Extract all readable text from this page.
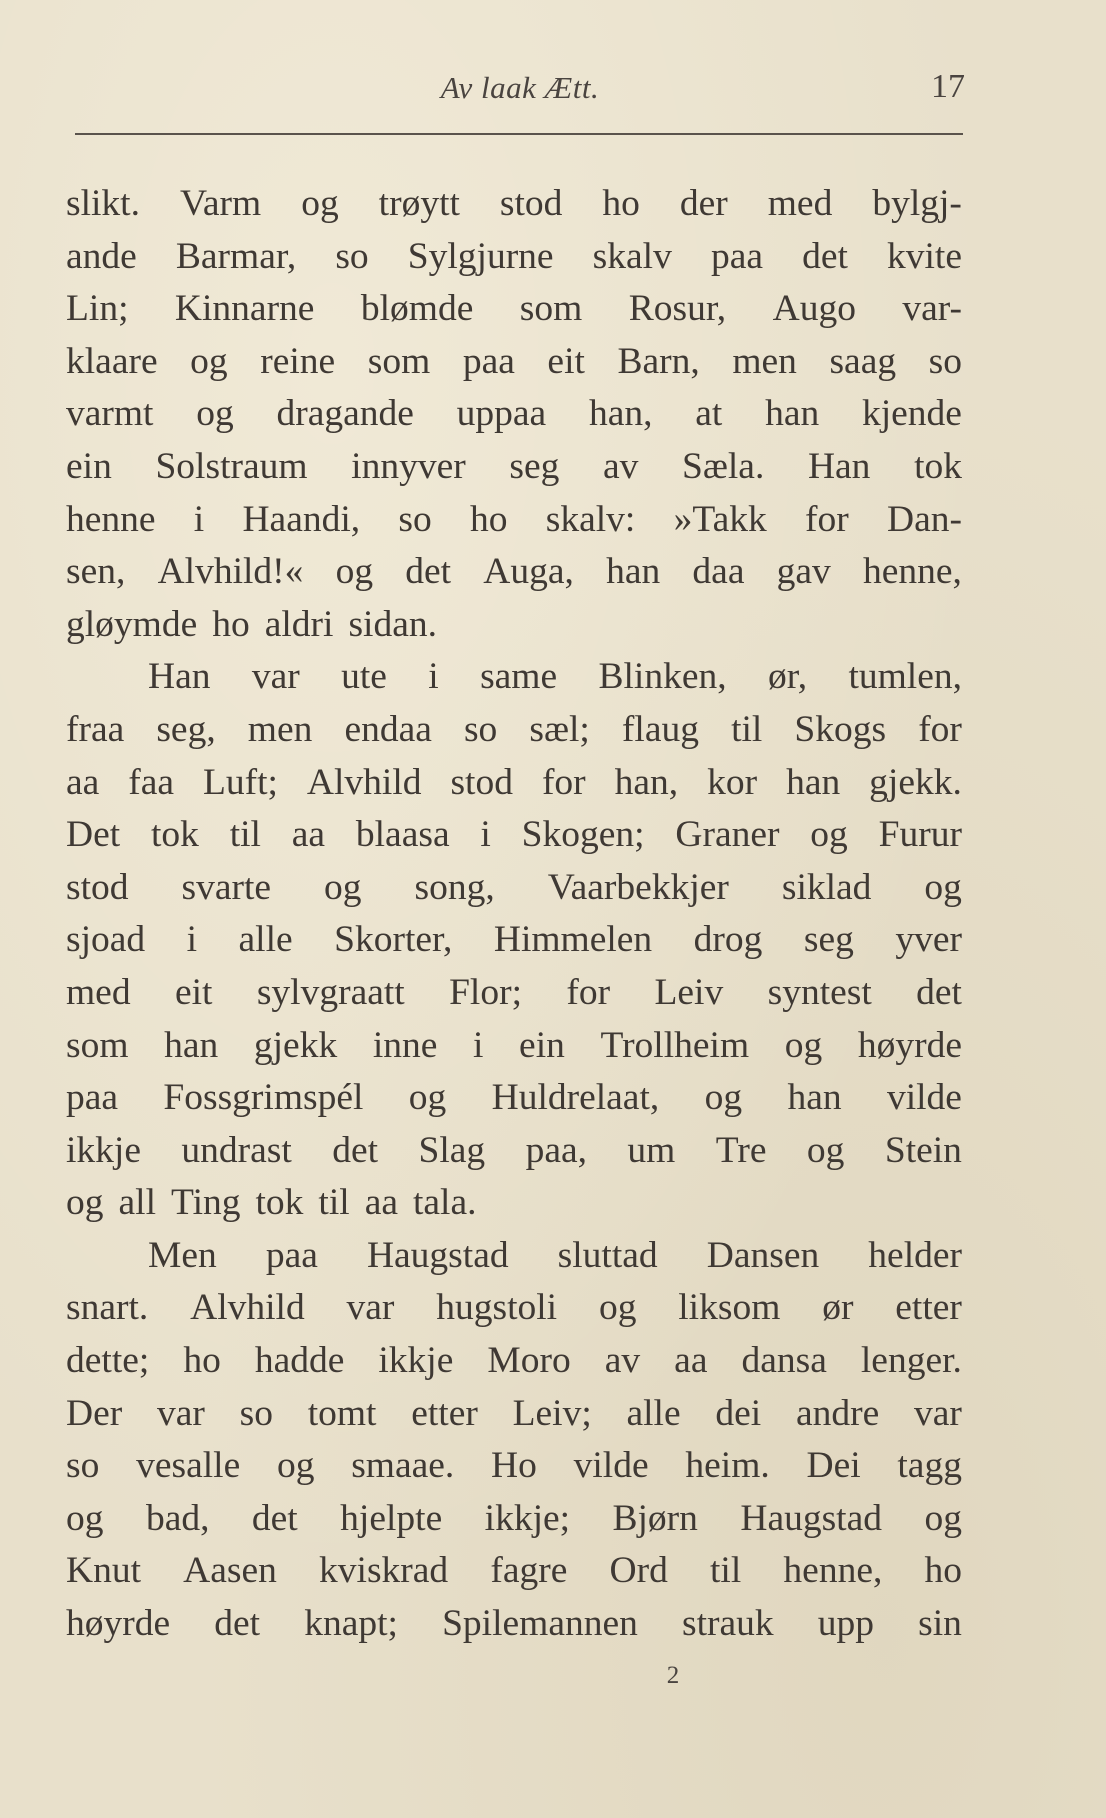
Av laak Ætt.	17
slikt. Varm og trøytt stod ho der med bylgj-
ande Barmar, so Sylgjurne skalv paa det kvite
Lin; Kinnarne blømde som Rosur, Augo var-
klaare og reine som paa eit Barn, men saag so
varmt og dragande uppaa han, at han kjende
ein Solstraum innyver seg av Sæla. Han tok
henne i Haandi, so ho skalv: »Takk for Dan-
sen, Alvhild!« og det Auga, han daa gav henne,
gløymde ho aldri sidan.
Han var ute i same Blinken, ør, tumlen,
fraa seg, men endaa so sæl; flaug til Skogs for
aa faa Luft; Alvhild stod for han, kor han gjekk.
Det tok til aa blaasa i Skogen; Graner og Furur
stod svarte og song, Vaarbekkjer siklad og
sjoad i alle Skorter, Himmelen drog seg yver
med eit sylvgraatt Flor; for Leiv syntest det
som han gjekk inne i ein Trollheim og høyrde
paa Fossgrimspél og Huldrelaat, og han vilde
ikkje undrast det Slag paa, um Tre og Stein
og all Ting tok til aa tala.
Men paa Haugstad sluttad Dansen helder
snart. Alvhild var hugstoli og liksom ør etter
dette; ho hadde ikkje Moro av aa dansa lenger.
Der var so tomt etter Leiv; alle dei andre var
so vesalle og smaae. Ho vilde heim. Dei tagg
og bad, det hjelpte ikkje; Bjørn Haugstad og
Knut Aasen kviskrad fagre Ord til henne, ho
høyrde det knapt; Spilemannen strauk upp sin
2
